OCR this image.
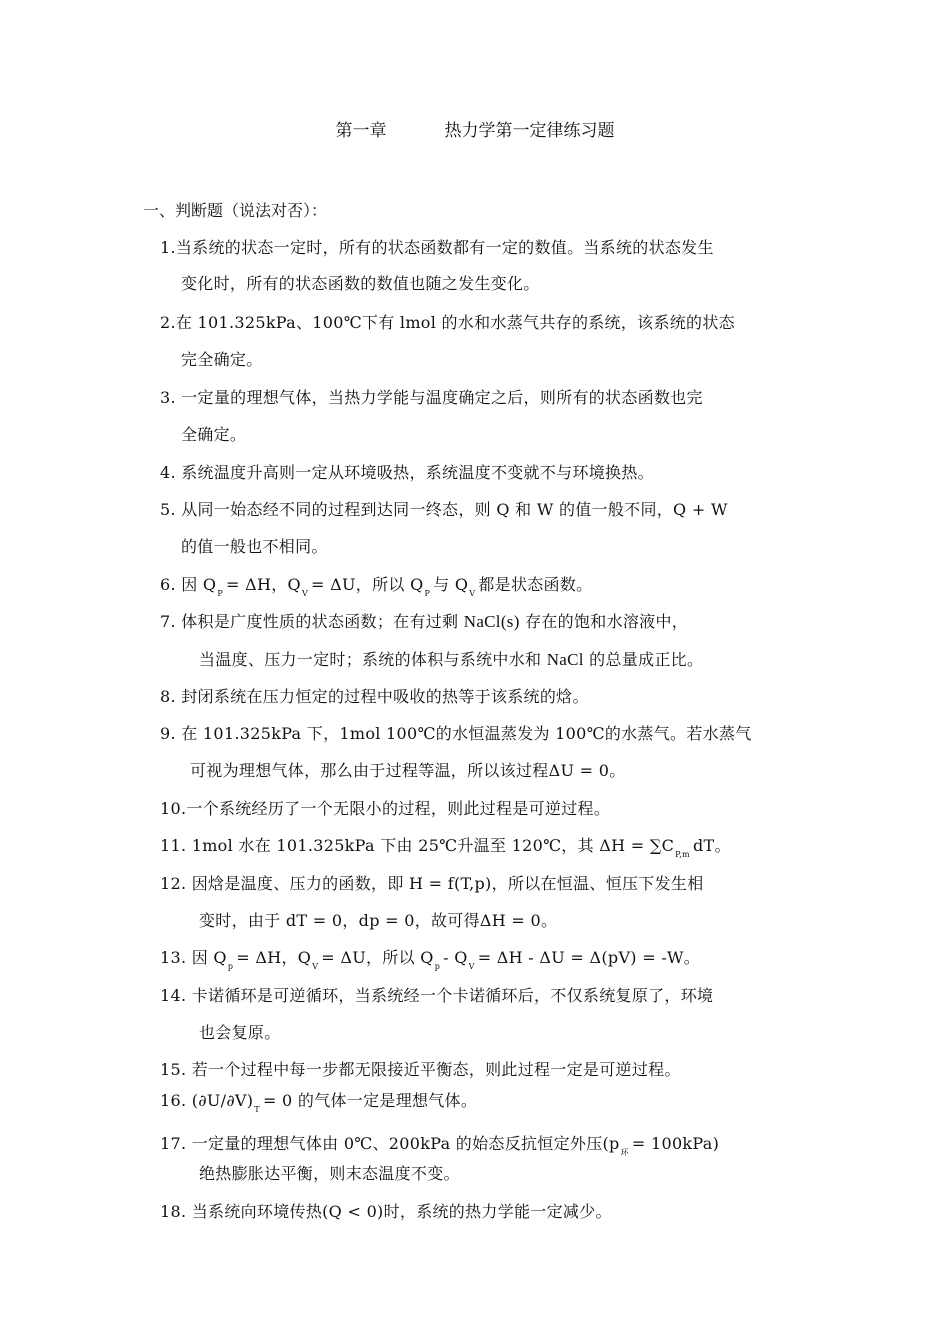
第一章	热力学第一定律练习题
一、判断题（说法对否）：
1.当系统的状态一定时，所有的状态函数都有一定的数值。当系统的状态发生
变化时，所有的状态函数的数值也随之发生变化。
2.在 101.325kPa、100℃下有 lmol 的水和水蒸气共存的系统，该系统的状态
完全确定。
3. 一定量的理想气体，当热力学能与温度确定之后，则所有的状态函数也完
全确定。
4. 系统温度升高则一定从环境吸热，系统温度不变就不与环境换热。
5. 从同一始态经不同的过程到达同一终态，则 Q 和 W 的值一般不同，Q + W
的值一般也不相同。
6. 因 $Q_P = \Delta H$，$Q_V = \Delta U$，所以 $Q_P$ 与 $Q_V$ 都是状态函数。
7. 体积是广度性质的状态函数；在有过剩 NaCl(s) 存在的饱和水溶液中，
当温度、压力一定时；系统的体积与系统中水和 NaCl 的总量成正比。
8. 封闭系统在压力恒定的过程中吸收的热等于该系统的焓。
9. 在 101.325kPa 下，1mol 100℃的水恒温蒸发为 100℃的水蒸气。若水蒸气
可视为理想气体，那么由于过程等温，所以该过程ΔU = 0。
10.一个系统经历了一个无限小的过程，则此过程是可逆过程。
11. 1mol 水在 101.325kPa 下由 25℃升温至 120℃，其 $\Delta H = \sum C_{P,m}$ dT。
12. 因焓是温度、压力的函数，即 H = f(T,p)，所以在恒温、恒压下发生相
变时，由于 dT = 0，dp = 0，故可得ΔH = 0。
13. 因 $Q_p = \Delta H$，$Q_V = \Delta U$，所以 $Q_p - Q_V = \Delta H - \Delta U = \Delta(pV) = -W$。
14. 卡诺循环是可逆循环，当系统经一个卡诺循环后，不仅系统复原了，环境
也会复原。
15. 若一个过程中每一步都无限接近平衡态，则此过程一定是可逆过程。
16. $(\partial U/\partial V)_T = 0$ 的气体一定是理想气体。
17. 一定量的理想气体由 0℃、200kPa 的始态反抗恒定外压$(p_环 = 100kPa)$
绝热膨胀达平衡，则末态温度不变。
18. 当系统向环境传热(Q < 0)时，系统的热力学能一定减少。
